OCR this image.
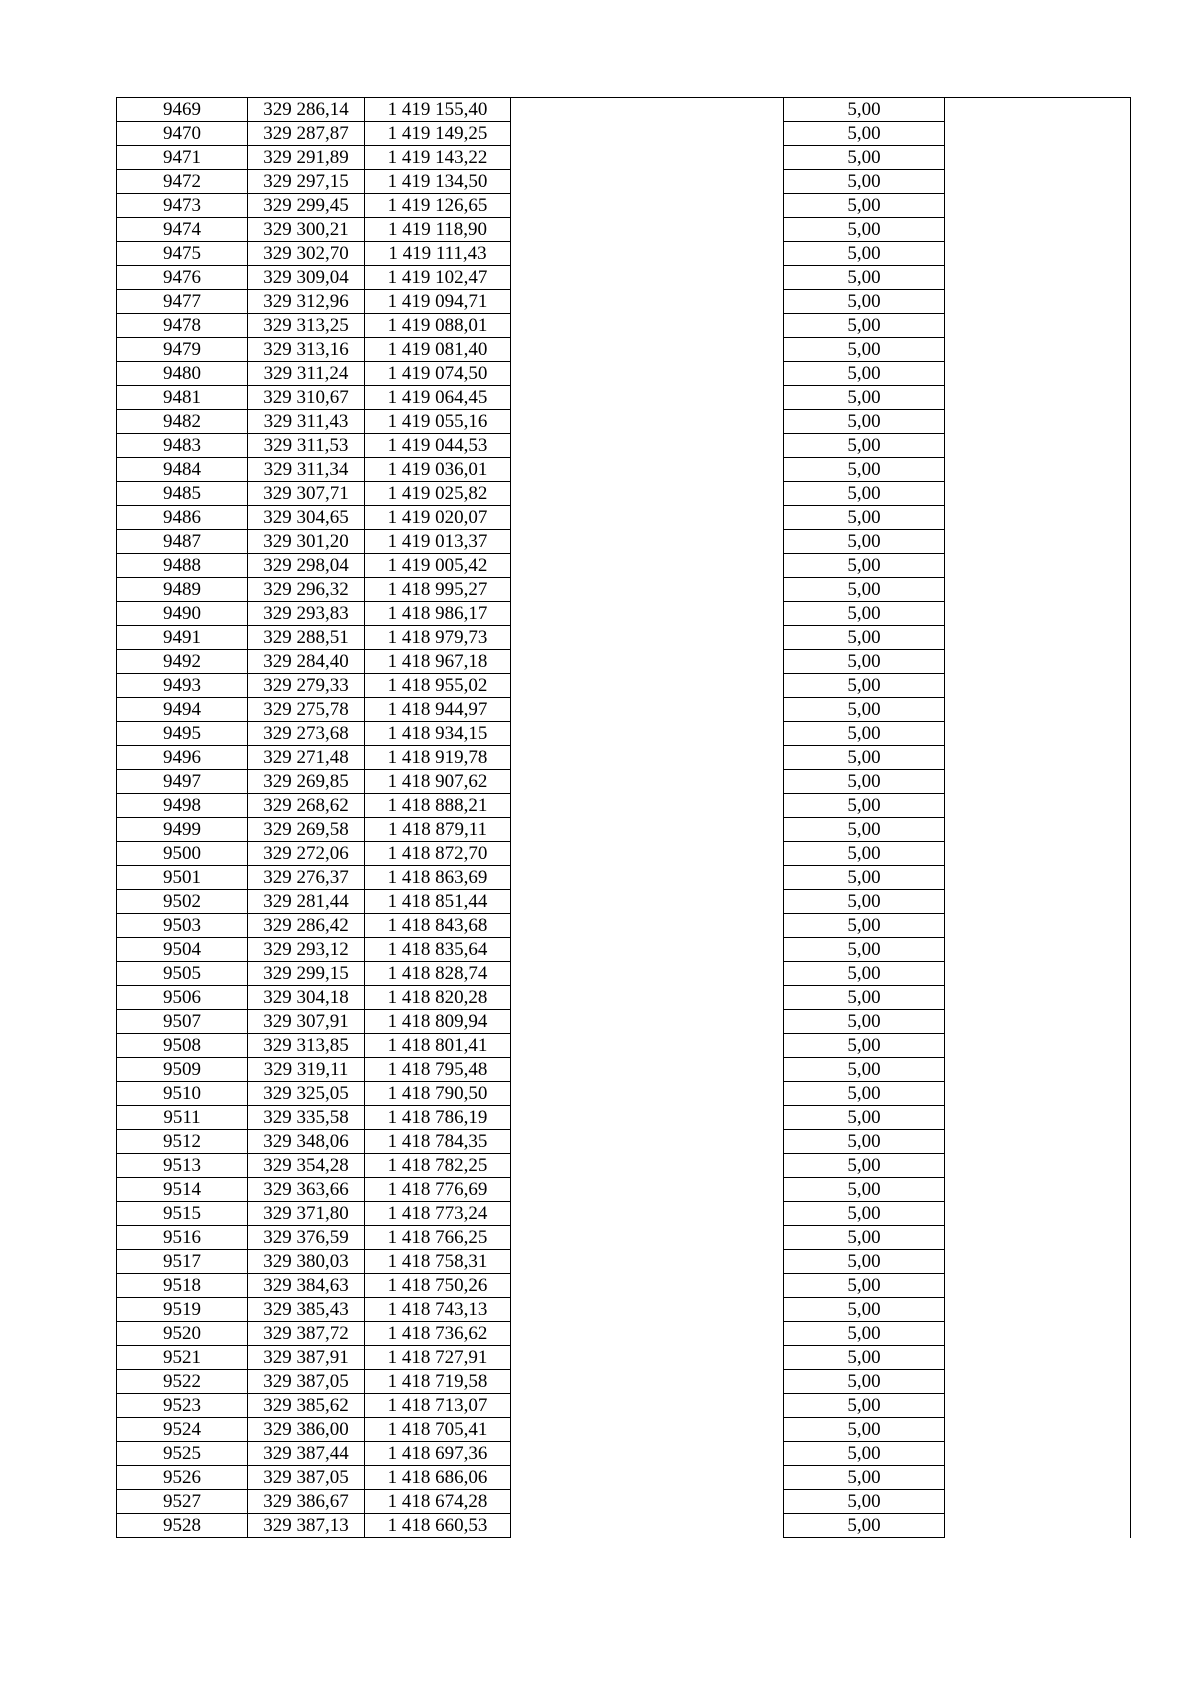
9469	329 286,14	1 419 155,40		5,00	
9470	329 287,87	1 419 149,25		5,00	
9471	329 291,89	1 419 143,22		5,00	
9472	329 297,15	1 419 134,50		5,00	
9473	329 299,45	1 419 126,65		5,00	
9474	329 300,21	1 419 118,90		5,00	
9475	329 302,70	1 419 111,43		5,00	
9476	329 309,04	1 419 102,47		5,00	
9477	329 312,96	1 419 094,71		5,00	
9478	329 313,25	1 419 088,01		5,00	
9479	329 313,16	1 419 081,40		5,00	
9480	329 311,24	1 419 074,50		5,00	
9481	329 310,67	1 419 064,45		5,00	
9482	329 311,43	1 419 055,16		5,00	
9483	329 311,53	1 419 044,53		5,00	
9484	329 311,34	1 419 036,01		5,00	
9485	329 307,71	1 419 025,82		5,00	
9486	329 304,65	1 419 020,07		5,00	
9487	329 301,20	1 419 013,37		5,00	
9488	329 298,04	1 419 005,42		5,00	
9489	329 296,32	1 418 995,27		5,00	
9490	329 293,83	1 418 986,17		5,00	
9491	329 288,51	1 418 979,73		5,00	
9492	329 284,40	1 418 967,18		5,00	
9493	329 279,33	1 418 955,02		5,00	
9494	329 275,78	1 418 944,97		5,00	
9495	329 273,68	1 418 934,15		5,00	
9496	329 271,48	1 418 919,78		5,00	
9497	329 269,85	1 418 907,62		5,00	
9498	329 268,62	1 418 888,21		5,00	
9499	329 269,58	1 418 879,11		5,00	
9500	329 272,06	1 418 872,70		5,00	
9501	329 276,37	1 418 863,69		5,00	
9502	329 281,44	1 418 851,44		5,00	
9503	329 286,42	1 418 843,68		5,00	
9504	329 293,12	1 418 835,64		5,00	
9505	329 299,15	1 418 828,74		5,00	
9506	329 304,18	1 418 820,28		5,00	
9507	329 307,91	1 418 809,94		5,00	
9508	329 313,85	1 418 801,41		5,00	
9509	329 319,11	1 418 795,48		5,00	
9510	329 325,05	1 418 790,50		5,00	
9511	329 335,58	1 418 786,19		5,00	
9512	329 348,06	1 418 784,35		5,00	
9513	329 354,28	1 418 782,25		5,00	
9514	329 363,66	1 418 776,69		5,00	
9515	329 371,80	1 418 773,24		5,00	
9516	329 376,59	1 418 766,25		5,00	
9517	329 380,03	1 418 758,31		5,00	
9518	329 384,63	1 418 750,26		5,00	
9519	329 385,43	1 418 743,13		5,00	
9520	329 387,72	1 418 736,62		5,00	
9521	329 387,91	1 418 727,91		5,00	
9522	329 387,05	1 418 719,58		5,00	
9523	329 385,62	1 418 713,07		5,00	
9524	329 386,00	1 418 705,41		5,00	
9525	329 387,44	1 418 697,36		5,00	
9526	329 387,05	1 418 686,06		5,00	
9527	329 386,67	1 418 674,28		5,00	
9528	329 387,13	1 418 660,53		5,00	
